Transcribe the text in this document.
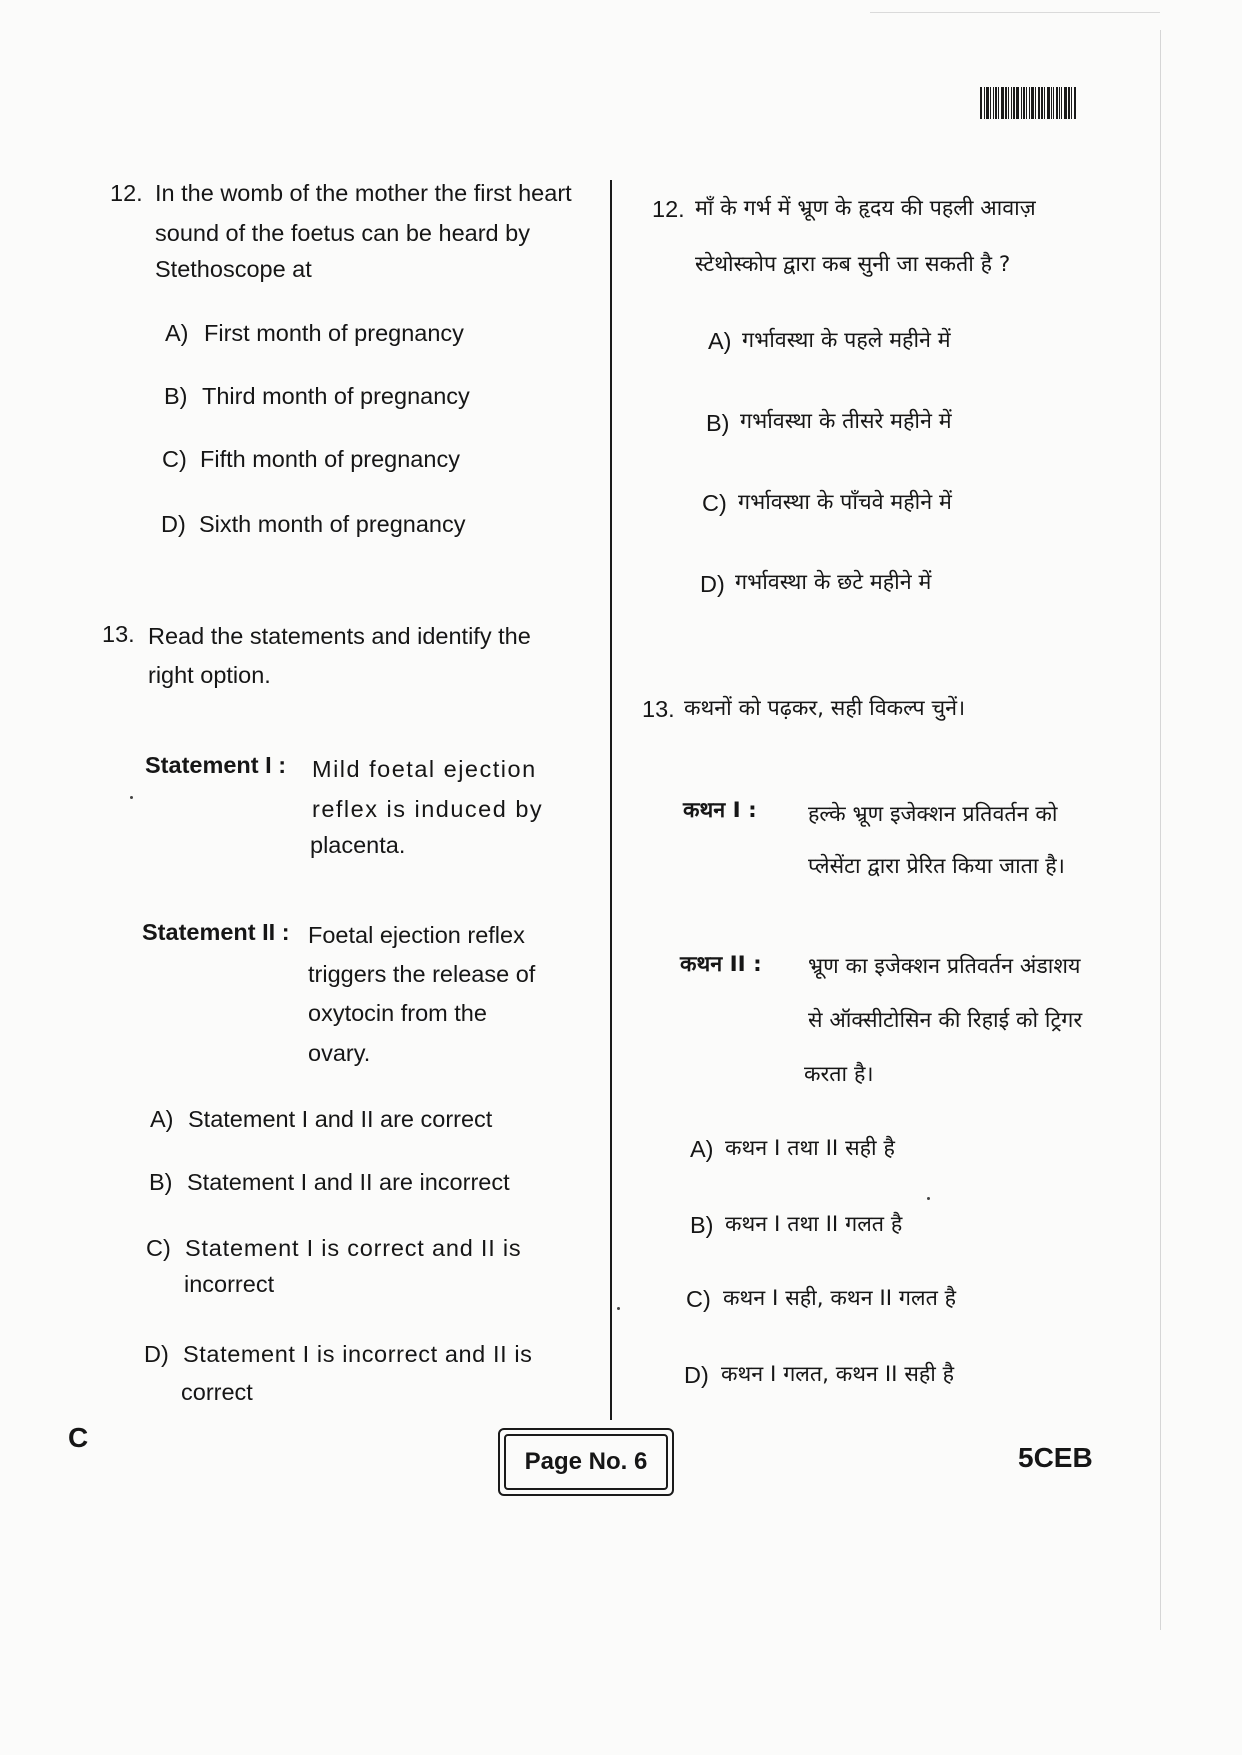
12. In the womb of the mother the first heart
sound of the foetus can be heard by
Stethoscope at
A) First month of pregnancy
B) Third month of pregnancy
C) Fifth month of pregnancy
D) Sixth month of pregnancy
13. Read the statements and identify the
right option.
Statement I : Mild foetal ejection
reflex is induced by
placenta.
Statement II : Foetal ejection reflex
triggers the release of
oxytocin from the
ovary.
A) Statement I and II are correct
B) Statement I and II are incorrect
C) Statement I is correct and II is
incorrect
D) Statement I is incorrect and II is
correct
12. माँ के गर्भ में भ्रूण के हृदय की पहली आवाज़
स्टेथोस्कोप द्वारा कब सुनी जा सकती है ?
A) गर्भावस्था के पहले महीने में
B) गर्भावस्था के तीसरे महीने में
C) गर्भावस्था के पाँचवे महीने में
D) गर्भावस्था के छटे महीने में
13. कथनों को पढ़कर, सही विकल्प चुनें।
कथन I : हल्के भ्रूण इजेक्शन प्रतिवर्तन को
प्लेसेंटा द्वारा प्रेरित किया जाता है।
कथन II : भ्रूण का इजेक्शन प्रतिवर्तन अंडाशय
से ऑक्सीटोसिन की रिहाई को ट्रिगर
करता है।
A) कथन I तथा II सही है
B) कथन I तथा II गलत है
C) कथन I सही, कथन II गलत है
D) कथन I गलत, कथन II सही है
C
Page No. 6	5CEB
